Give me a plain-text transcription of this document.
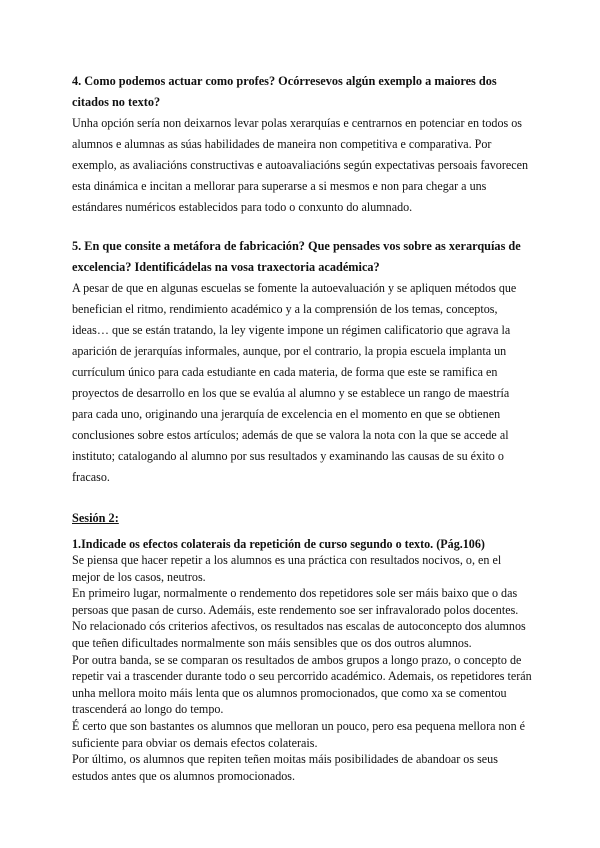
4. Como podemos actuar como profes? Ocórresevos algún exemplo a maiores dos citados no texto?

Unha opción sería non deixarnos levar polas xerarquías e centrarnos en potenciar en todos os alumnos e alumnas as súas habilidades de maneira non competitiva e comparativa. Por exemplo, as avaliacións constructivas e autoavaliacións según expectativas persoais favorecen esta dinámica e incitan a mellorar para superarse a si mesmos e non para chegar a uns estándares numéricos establecidos para todo o conxunto do alumnado.

5. En que consite a metáfora de fabricación? Que pensades vos sobre as xerarquías de excelencia? Identificádelas na vosa traxectoria académica?

A pesar de que en algunas escuelas se fomente la autoevaluación y se apliquen métodos que benefician el ritmo, rendimiento académico y a la comprensión de los temas, conceptos, ideas… que se están tratando, la ley vigente impone un régimen calificatorio que agrava la aparición de jerarquías informales, aunque, por el contrario, la propia escuela implanta un currículum único para cada estudiante en cada materia, de forma que este se ramifica en proyectos de desarrollo en los que se evalúa al alumno y se establece un rango de maestría para cada uno, originando una jerarquía de excelencia en el momento en que se obtienen conclusiones sobre estos artículos; además de que se valora la nota con la que se accede al instituto; catalogando al alumno por sus resultados y examinando las causas de su éxito o fracaso.

Sesión 2:

1.Indicade os efectos colaterais da repetición de curso segundo o texto. (Pág.106)

Se piensa que hacer repetir a los alumnos es una práctica con resultados nocivos, o, en el mejor de los casos, neutros.

En primeiro lugar, normalmente o rendemento dos repetidores sole ser máis baixo que o das persoas que pasan de curso. Ademáis, este rendemento soe ser infravalorado polos docentes.

No relacionado cós criterios afectivos, os resultados nas escalas de autoconcepto dos alumnos que teñen dificultades normalmente son máis sensibles que os dos outros alumnos.

Por outra banda, se se comparan os resultados de ambos grupos a longo prazo, o concepto de repetir vai a trascender durante todo o seu percorrido académico. Ademais, os repetidores terán unha mellora moito máis lenta que os alumnos promocionados, que como xa se comentou trascenderá ao longo do tempo.

É certo que son bastantes os alumnos que melloran un pouco, pero esa pequena mellora non é suficiente para obviar os demais efectos colaterais.

Por último, os alumnos que repiten teñen moitas máis posibilidades de abandoar os seus estudos antes que os alumnos promocionados.
